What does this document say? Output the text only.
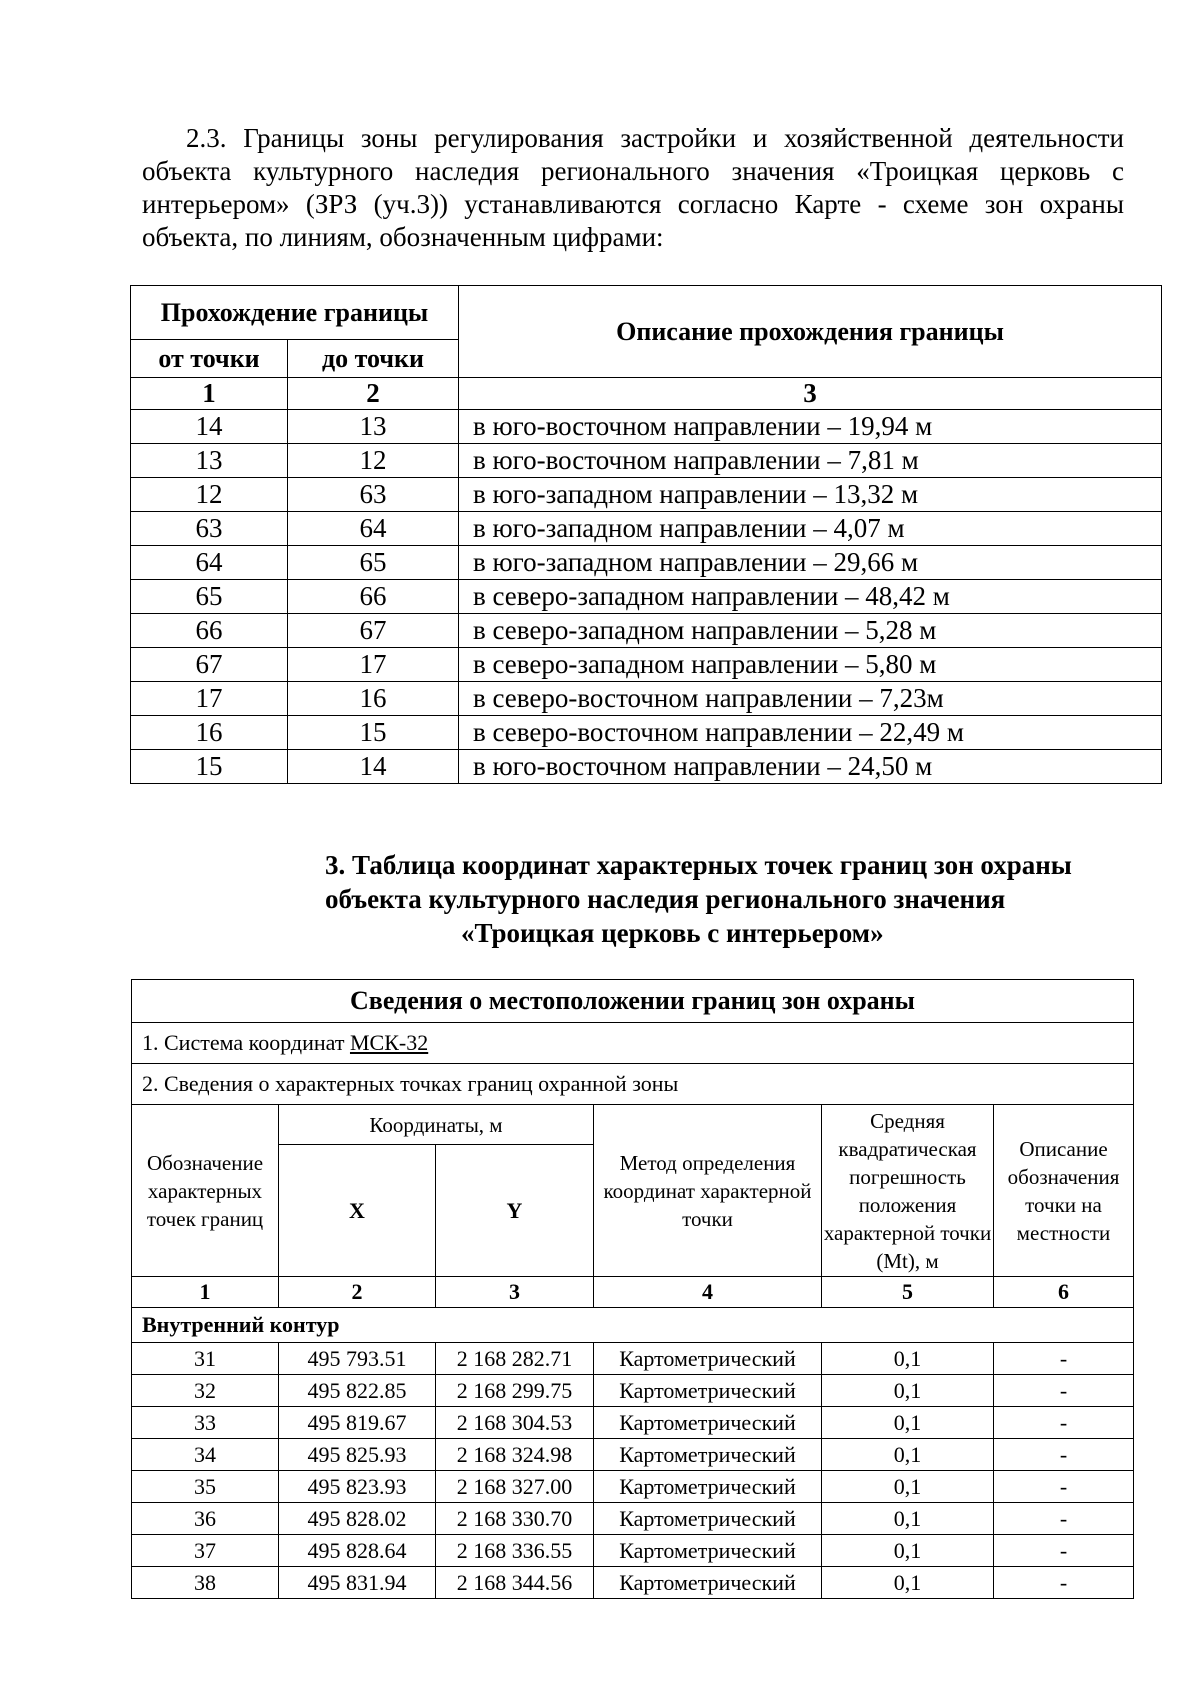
2.3. Границы зоны регулирования застройки и хозяйственной деятельности объекта культурного наследия регионального значения «Троицкая церковь с интерьером» (ЗРЗ (уч.3)) устанавливаются согласно Карте - схеме зон охраны объекта, по линиям, обозначенным цифрами:

Прохождение границы		Описание прохождения границы
от точки	до точки	
1	2	3
14	13	в юго-восточном направлении – 19,94 м
13	12	в юго-восточном направлении – 7,81 м
12	63	в юго-западном направлении – 13,32 м
63	64	в юго-западном направлении – 4,07 м
64	65	в юго-западном направлении – 29,66 м
65	66	в северо-западном направлении – 48,42 м
66	67	в северо-западном направлении – 5,28 м
67	17	в северо-западном направлении – 5,80 м
17	16	в северо-восточном направлении – 7,23м
16	15	в северо-восточном направлении – 22,49 м
15	14	в юго-восточном направлении – 24,50 м
3. Таблица координат характерных точек границ зон охраны
объекта культурного наследия регионального значения
«Троицкая церковь с интерьером»
Сведения о местоположении границ зон охраны					
1. Система координат МСК-32					
2. Сведения о характерных точках границ охранной зоны					
Обозначение характерных точек границ	Координаты, м		Метод определения координат характерной точки	Средняя квадратическая погрешность положения характерной точки (Mt), м	Описание обозначения точки на местности
	X	Y			
1	2	3	4	5	6
Внутренний контур					
31	495 793.51	2 168 282.71	Картометрический	0,1	-
32	495 822.85	2 168 299.75	Картометрический	0,1	-
33	495 819.67	2 168 304.53	Картометрический	0,1	-
34	495 825.93	2 168 324.98	Картометрический	0,1	-
35	495 823.93	2 168 327.00	Картометрический	0,1	-
36	495 828.02	2 168 330.70	Картометрический	0,1	-
37	495 828.64	2 168 336.55	Картометрический	0,1	-
38	495 831.94	2 168 344.56	Картометрический	0,1	-
